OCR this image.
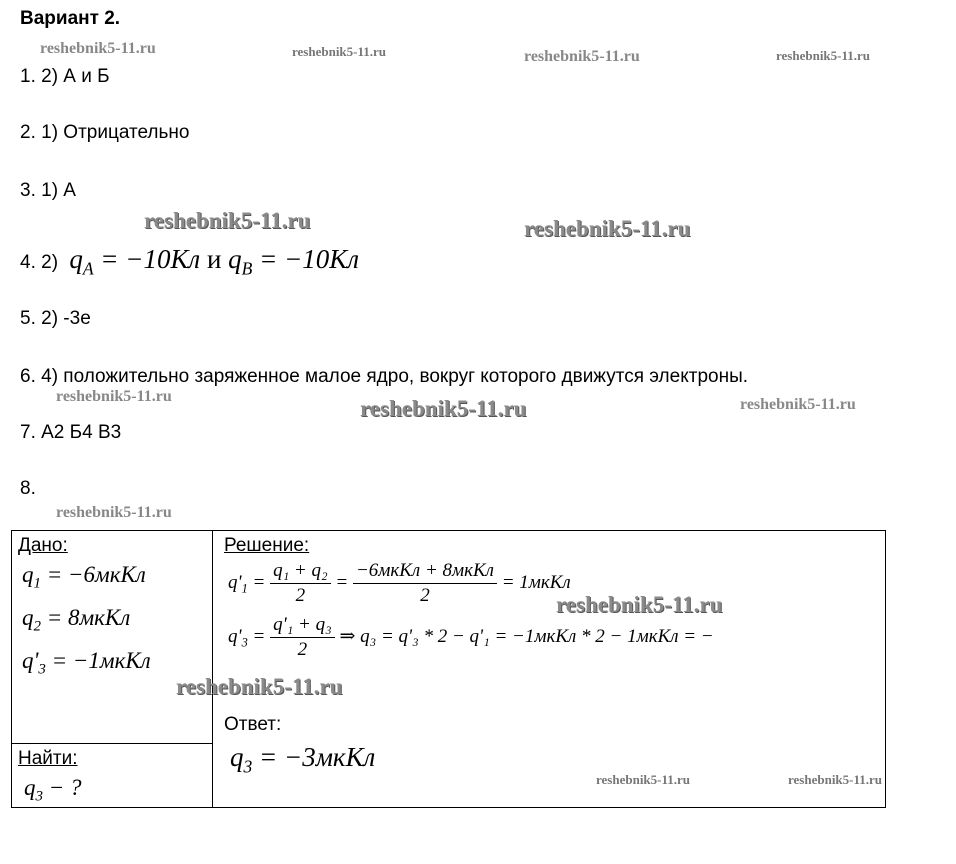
Вариант 2.
1. 2) А и Б
2. 1) Отрицательно
3. 1) А
4. 2) $q_A = -10Кл$ и $q_B = -10Кл$
5. 2) -3е
6. 4) положительно заряженное малое ядро, вокруг которого движутся электроны.
7. А2 Б4 В3
8.
Дано:
$q_1$ = −6мкКл
$q_2$ = 8мкКл
$q'_3$ = −1мкКл
Найти:
$q_3$ − ?
Решение:
$q'_1 = \frac{\text{q₁ + q₂}}{2} = \frac{\text{−6мкКл + 8мкКл}}{2}$ = 1мкКл
$q'_3 = \frac{\text{q'₁ + q₃}}{2}$ ⇒ q₃ = q'₃ * 2 − q'₁ = −1мкКл * 2 − 1мкКл = −
Ответ:
$q_3$ = −3мкКл
reshebnik5-11.ru	reshebnik5-11.ru	reshebnik5-11.ru	reshebnik5-11.ru
reshebnik5-11.ru	reshebnik5-11.ru
reshebnik5-11.ru	reshebnik5-11.ru	reshebnik5-11.ru
reshebnik5-11.ru
reshebnik5-11.ru
reshebnik5-11.ru
reshebnik5-11.ru	reshebnik5-11.ru
